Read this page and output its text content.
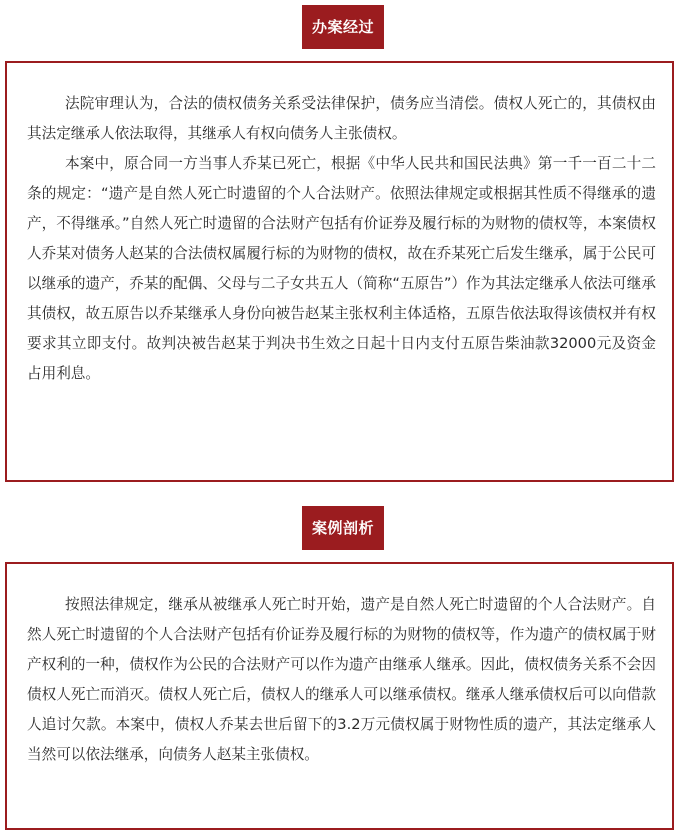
办案经过

法院审理认为，合法的债权债务关系受法律保护，债务应当清偿。债权人死亡的，其债权由其法定继承人依法取得，其继承人有权向债务人主张债权。

本案中，原合同一方当事人乔某已死亡，根据《中华人民共和国民法典》第一千一百二十二条的规定：“遗产是自然人死亡时遗留的个人合法财产。依照法律规定或根据其性质不得继承的遗产，不得继承。”自然人死亡时遗留的合法财产包括有价证券及履行标的为财物的债权等，本案债权人乔某对债务人赵某的合法债权属履行标的为财物的债权，故在乔某死亡后发生继承，属于公民可以继承的遗产，乔某的配偶、父母与二子女共五人（简称“五原告”）作为其法定继承人依法可继承其债权，故五原告以乔某继承人身份向被告赵某主张权利主体适格，五原告依法取得该债权并有权要求其立即支付。故判决被告赵某于判决书生效之日起十日内支付五原告柴油款32000元及资金占用利息。

案例剖析

按照法律规定，继承从被继承人死亡时开始，遗产是自然人死亡时遗留的个人合法财产。自然人死亡时遗留的个人合法财产包括有价证券及履行标的为财物的债权等，作为遗产的债权属于财产权利的一种，债权作为公民的合法财产可以作为遗产由继承人继承。因此，债权债务关系不会因债权人死亡而消灭。债权人死亡后，债权人的继承人可以继承债权。继承人继承债权后可以向借款人追讨欠款。本案中，债权人乔某去世后留下的3.2万元债权属于财物性质的遗产，其法定继承人当然可以依法继承，向债务人赵某主张债权。
